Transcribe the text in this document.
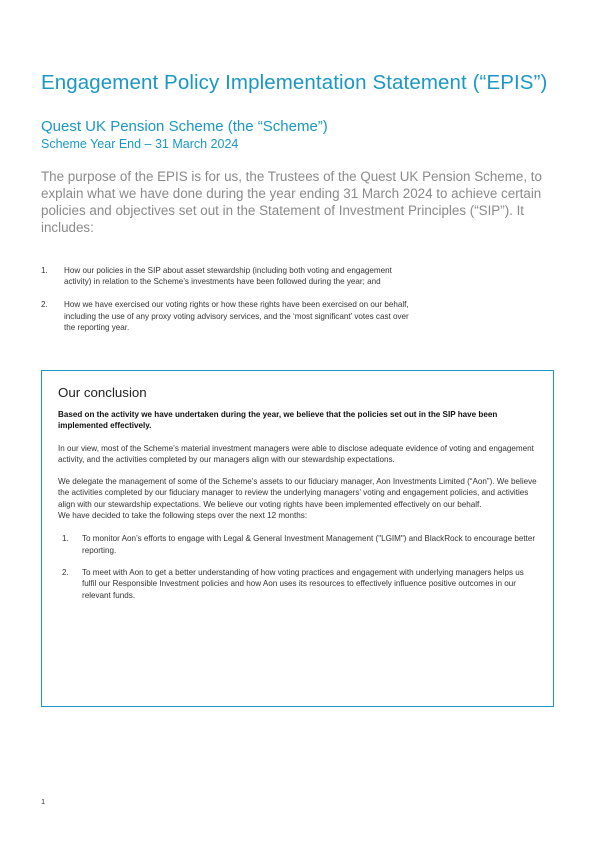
Engagement Policy Implementation Statement (“EPIS”)
Quest UK Pension Scheme (the “Scheme”)
Scheme Year End – 31 March 2024

The purpose of the EPIS is for us, the Trustees of the Quest UK Pension Scheme, to explain what we have done during the year ending 31 March 2024 to achieve certain policies and objectives set out in the Statement of Investment Principles (“SIP”). It includes:

1. How our policies in the SIP about asset stewardship (including both voting and engagement activity) in relation to the Scheme’s investments have been followed during the year; and
2. How we have exercised our voting rights or how these rights have been exercised on our behalf, including the use of any proxy voting advisory services, and the ‘most significant’ votes cast over the reporting year.
Our conclusion

Based on the activity we have undertaken during the year, we believe that the policies set out in the SIP have been implemented effectively.

In our view, most of the Scheme’s material investment managers were able to disclose adequate evidence of voting and engagement activity, and the activities completed by our managers align with our stewardship expectations.

We delegate the management of some of the Scheme’s assets to our fiduciary manager, Aon Investments Limited (“Aon”). We believe the activities completed by our fiduciary manager to review the underlying managers’ voting and engagement policies, and activities align with our stewardship expectations. We believe our voting rights have been implemented effectively on our behalf.

We have decided to take the following steps over the next 12 months:

1. To monitor Aon’s efforts to engage with Legal & General Investment Management ("LGIM") and BlackRock to encourage better reporting.
2. To meet with Aon to get a better understanding of how voting practices and engagement with underlying managers helps us fulfil our Responsible Investment policies and how Aon uses its resources to effectively influence positive outcomes in our relevant funds.
1
